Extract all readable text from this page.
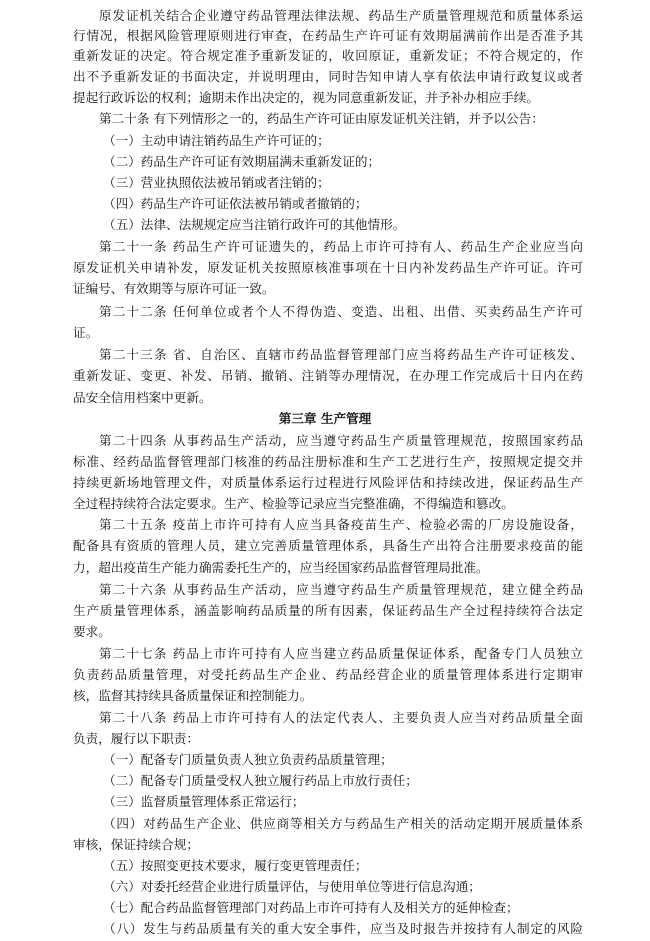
原发证机关结合企业遵守药品管理法律法规、药品生产质量管理规范和质量体系运
行情况，根据风险管理原则进行审查，在药品生产许可证有效期届满前作出是否准予其
重新发证的决定。符合规定准予重新发证的，收回原证，重新发证；不符合规定的，作
出不予重新发证的书面决定，并说明理由，同时告知申请人享有依法申请行政复议或者
提起行政诉讼的权利；逾期未作出决定的，视为同意重新发证，并予补办相应手续。
第二十条 有下列情形之一的，药品生产许可证由原发证机关注销，并予以公告：
（一）主动申请注销药品生产许可证的；
（二）药品生产许可证有效期届满未重新发证的；
（三）营业执照依法被吊销或者注销的；
（四）药品生产许可证依法被吊销或者撤销的；
（五）法律、法规规定应当注销行政许可的其他情形。
第二十一条 药品生产许可证遗失的，药品上市许可持有人、药品生产企业应当向
原发证机关申请补发，原发证机关按照原核准事项在十日内补发药品生产许可证。许可
证编号、有效期等与原许可证一致。
第二十二条 任何单位或者个人不得伪造、变造、出租、出借、买卖药品生产许可
证。
第二十三条 省、自治区、直辖市药品监督管理部门应当将药品生产许可证核发、
重新发证、变更、补发、吊销、撤销、注销等办理情况，在办理工作完成后十日内在药
品安全信用档案中更新。
第二十四条 从事药品生产活动，应当遵守药品生产质量管理规范，按照国家药品
标准、经药品监督管理部门核准的药品注册标准和生产工艺进行生产，按照规定提交并
持续更新场地管理文件，对质量体系运行过程进行风险评估和持续改进，保证药品生产
全过程持续符合法定要求。生产、检验等记录应当完整准确，不得编造和篡改。
第二十五条 疫苗上市许可持有人应当具备疫苗生产、检验必需的厂房设施设备，
配备具有资质的管理人员，建立完善质量管理体系，具备生产出符合注册要求疫苗的能
力，超出疫苗生产能力确需委托生产的，应当经国家药品监督管理局批准。
第二十六条 从事药品生产活动，应当遵守药品生产质量管理规范，建立健全药品
生产质量管理体系，涵盖影响药品质量的所有因素，保证药品生产全过程持续符合法定
要求。
第二十七条 药品上市许可持有人应当建立药品质量保证体系，配备专门人员独立
负责药品质量管理，对受托药品生产企业、药品经营企业的质量管理体系进行定期审
核，监督其持续具备质量保证和控制能力。
第二十八条 药品上市许可持有人的法定代表人、主要负责人应当对药品质量全面
负责，履行以下职责：
（一）配备专门质量负责人独立负责药品质量管理；
（二）配备专门质量受权人独立履行药品上市放行责任；
（三）监督质量管理体系正常运行；
（四）对药品生产企业、供应商等相关方与药品生产相关的活动定期开展质量体系
审核，保证持续合规；
（五）按照变更技术要求，履行变更管理责任；
（六）对委托经营企业进行质量评估，与使用单位等进行信息沟通；
（七）配合药品监督管理部门对药品上市许可持有人及相关方的延伸检查；
（八）发生与药品质量有关的重大安全事件，应当及时报告并按持有人制定的风险
第三章 生产管理
